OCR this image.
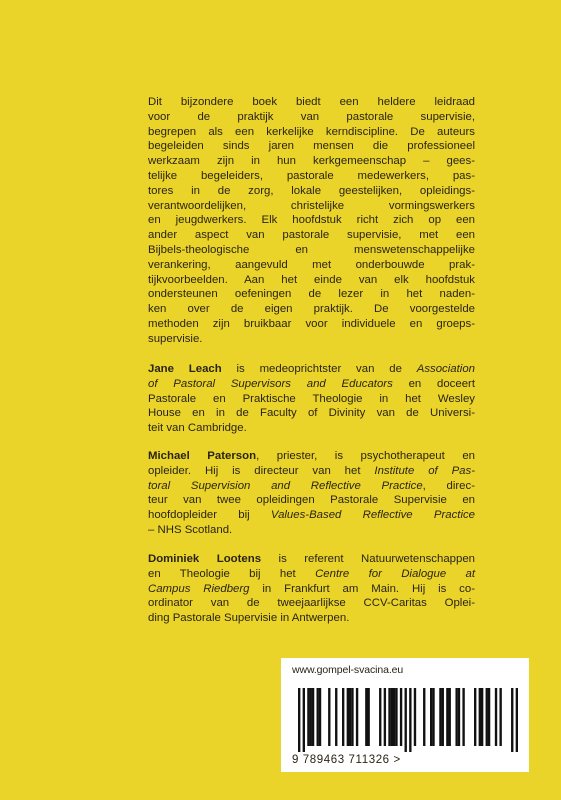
Dit bijzondere boek biedt een heldere leidraad
voor de praktijk van pastorale supervisie,
begrepen als een kerkelijke kerndiscipline. De auteurs
begeleiden sinds jaren mensen die professioneel
werkzaam zijn in hun kerkgemeenschap – gees-
telijke begeleiders, pastorale medewerkers, pas-
tores in de zorg, lokale geestelijken, opleidings-
verantwoordelijken, christelijke vormingswerkers
en jeugdwerkers. Elk hoofdstuk richt zich op een
ander aspect van pastorale supervisie, met een
Bijbels-theologische en menswetenschappelijke
verankering, aangevuld met onderbouwde prak-
tijkvoorbeelden. Aan het einde van elk hoofdstuk
ondersteunen oefeningen de lezer in het naden-
ken over de eigen praktijk. De voorgestelde
methoden zijn bruikbaar voor individuele en groeps-
supervisie.
Jane Leach is medeoprichtster van de Association
of Pastoral Supervisors and Educators en doceert
Pastorale en Praktische Theologie in het Wesley
House en in de Faculty of Divinity van de Universi-
teit van Cambridge.
Michael Paterson, priester, is psychotherapeut en
opleider. Hij is directeur van het Institute of Pas-
toral Supervision and Reflective Practice, direc-
teur van twee opleidingen Pastorale Supervisie en
hoofdopleider bij Values-Based Reflective Practice
– NHS Scotland.
Dominiek Lootens is referent Natuurwetenschappen
en Theologie bij het Centre for Dialogue at
Campus Riedberg in Frankfurt am Main. Hij is co-
ordinator van de tweejaarlijkse CCV-Caritas Oplei-
ding Pastorale Supervisie in Antwerpen.
www.gompel-svacina.eu
9 789463 711326 >
